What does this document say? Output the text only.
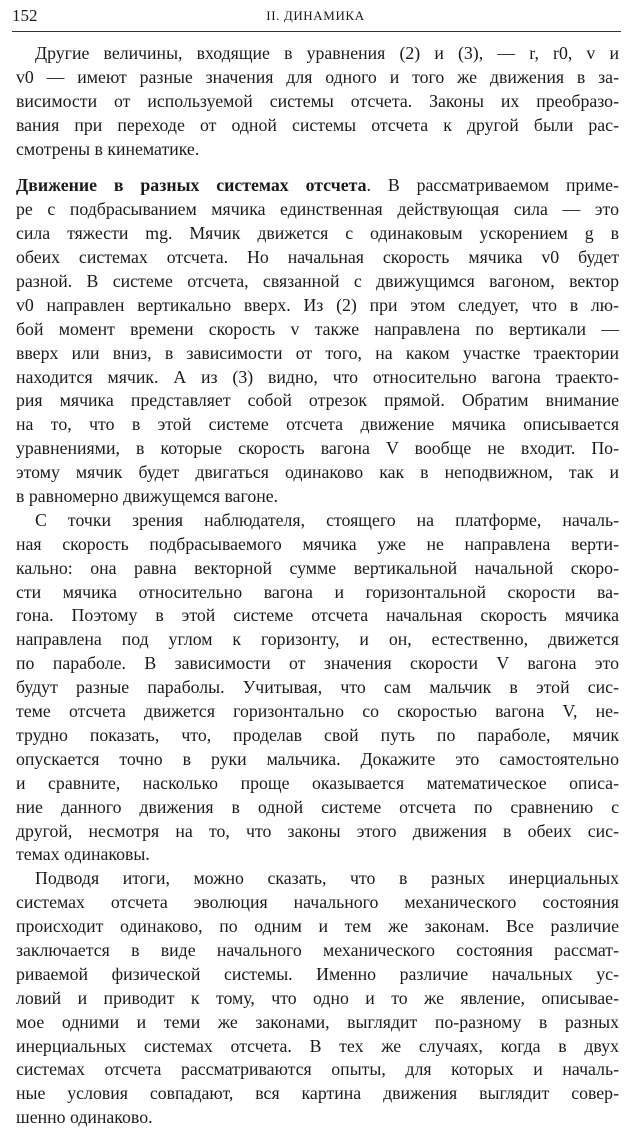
152	II. ДИНАМИКА
Другие величины, входящие в уравнения (2) и (3), — r, r0, v и
v0 — имеют разные значения для одного и того же движения в за-
висимости от используемой системы отсчета. Законы их преобразо-
вания при переходе от одной системы отсчета к другой были рас-
смотрены в кинематике.
Движение в разных системах отсчета. В рассматриваемом приме-
ре с подбрасыванием мячика единственная действующая сила — это
сила тяжести mg. Мячик движется с одинаковым ускорением g в
обеих системах отсчета. Но начальная скорость мячика v0 будет
разной. В системе отсчета, связанной с движущимся вагоном, вектор
v0 направлен вертикально вверх. Из (2) при этом следует, что в лю-
бой момент времени скорость v также направлена по вертикали —
вверх или вниз, в зависимости от того, на каком участке траектории
находится мячик. А из (3) видно, что относительно вагона траекто-
рия мячика представляет собой отрезок прямой. Обратим внимание
на то, что в этой системе отсчета движение мячика описывается
уравнениями, в которые скорость вагона V вообще не входит. По-
этому мячик будет двигаться одинаково как в неподвижном, так и
в равномерно движущемся вагоне.
С точки зрения наблюдателя, стоящего на платформе, началь-
ная скорость подбрасываемого мячика уже не направлена верти-
кально: она равна векторной сумме вертикальной начальной скоро-
сти мячика относительно вагона и горизонтальной скорости ва-
гона. Поэтому в этой системе отсчета начальная скорость мячика
направлена под углом к горизонту, и он, естественно, движется
по параболе. В зависимости от значения скорости V вагона это
будут разные параболы. Учитывая, что сам мальчик в этой сис-
теме отсчета движется горизонтально со скоростью вагона V, не-
трудно показать, что, проделав свой путь по параболе, мячик
опускается точно в руки мальчика. Докажите это самостоятельно
и сравните, насколько проще оказывается математическое описа-
ние данного движения в одной системе отсчета по сравнению с
другой, несмотря на то, что законы этого движения в обеих сис-
темах одинаковы.
Подводя итоги, можно сказать, что в разных инерциальных
системах отсчета эволюция начального механического состояния
происходит одинаково, по одним и тем же законам. Все различие
заключается в виде начального механического состояния рассмат-
риваемой физической системы. Именно различие начальных ус-
ловий и приводит к тому, что одно и то же явление, описывае-
мое одними и теми же законами, выглядит по-разному в разных
инерциальных системах отсчета. В тех же случаях, когда в двух
системах отсчета рассматриваются опыты, для которых и началь-
ные условия совпадают, вся картина движения выглядит совер-
шенно одинаково.
